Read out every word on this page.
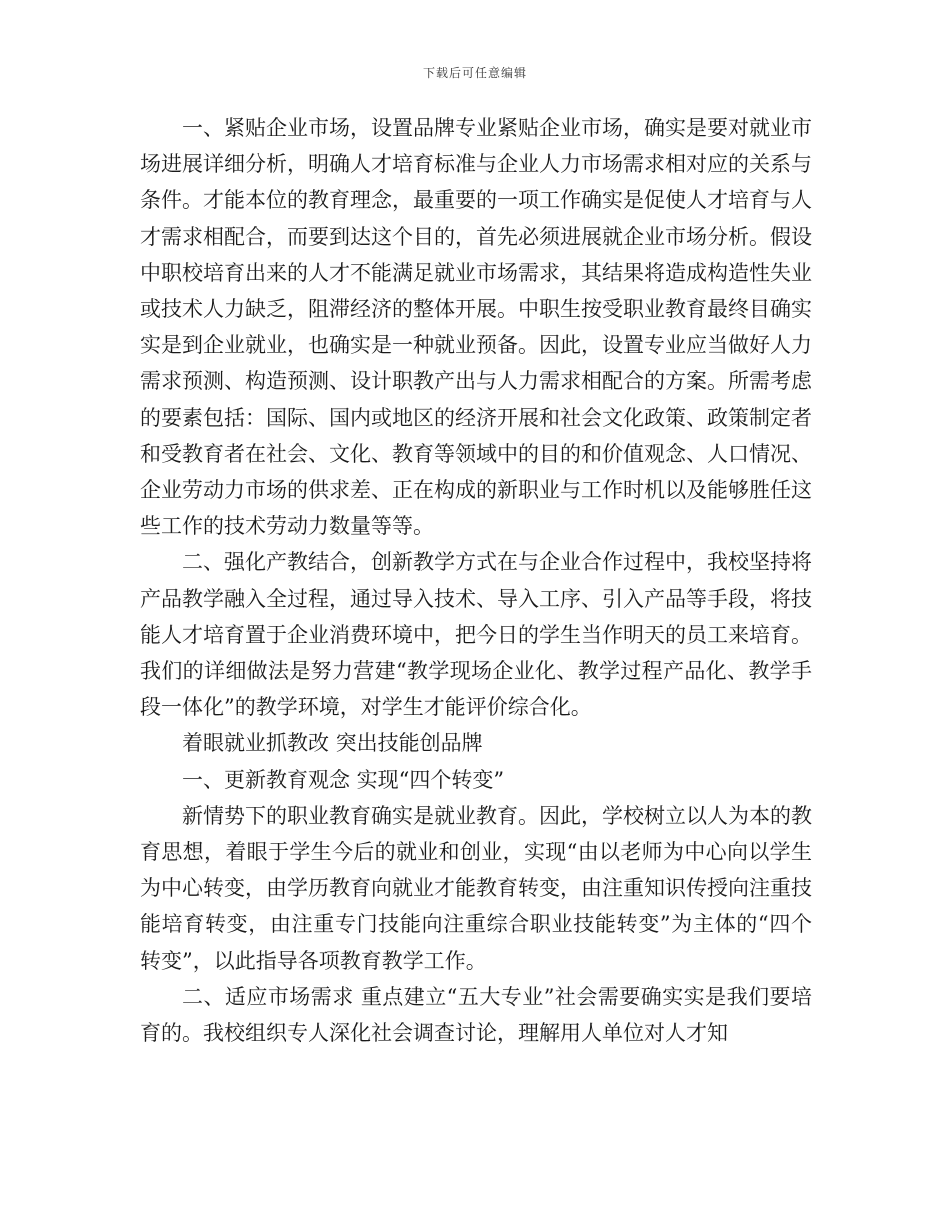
下载后可任意编辑

一、紧贴企业市场，设置品牌专业紧贴企业市场，确实是要对就业市场进展详细分析，明确人才培育标准与企业人力市场需求相对应的关系与条件。才能本位的教育理念，最重要的一项工作确实是促使人才培育与人才需求相配合，而要到达这个目的，首先必须进展就企业市场分析。假设中职校培育出来的人才不能满足就业市场需求，其结果将造成构造性失业或技术人力缺乏，阻滞经济的整体开展。中职生按受职业教育最终目确实实是到企业就业，也确实是一种就业预备。因此，设置专业应当做好人力需求预测、构造预测、设计职教产出与人力需求相配合的方案。所需考虑的要素包括：国际、国内或地区的经济开展和社会文化政策、政策制定者和受教育者在社会、文化、教育等领域中的目的和价值观念、人口情况、企业劳动力市场的供求差、正在构成的新职业与工作时机以及能够胜任这些工作的技术劳动力数量等等。

二、强化产教结合，创新教学方式在与企业合作过程中，我校坚持将产品教学融入全过程，通过导入技术、导入工序、引入产品等手段，将技能人才培育置于企业消费环境中，把今日的学生当作明天的员工来培育。我们的详细做法是努力营建“教学现场企业化、教学过程产品化、教学手段一体化”的教学环境，对学生才能评价综合化。

着眼就业抓教改 突出技能创品牌

一、更新教育观念 实现“四个转变”

新情势下的职业教育确实是就业教育。因此，学校树立以人为本的教育思想，着眼于学生今后的就业和创业，实现“由以老师为中心向以学生为中心转变，由学历教育向就业才能教育转变，由注重知识传授向注重技能培育转变，由注重专门技能向注重综合职业技能转变”为主体的“四个转变”，以此指导各项教育教学工作。

二、适应市场需求 重点建立“五大专业”社会需要确实实是我们要培育的。我校组织专人深化社会调查讨论，理解用人单位对人才知
